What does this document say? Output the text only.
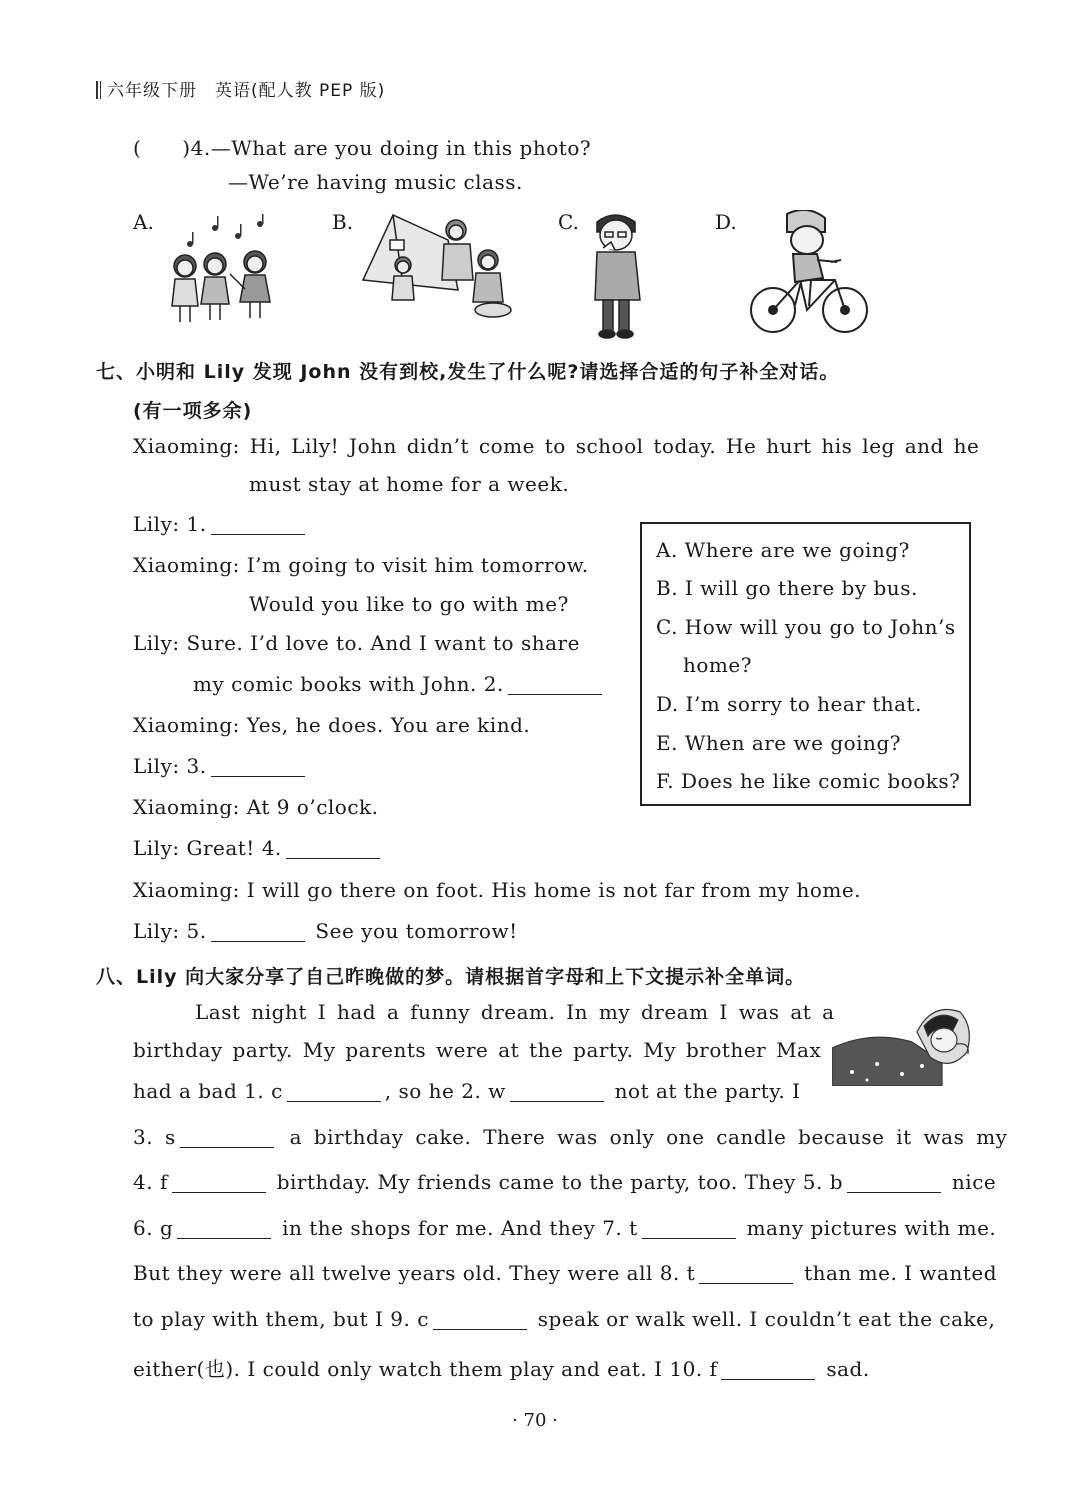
六年级下册　英语(配人教 PEP 版)
(　　)4.—What are you doing in this photo?
—We’re having music class.
A.	B.	C.	D.
七、小明和 Lily 发现 John 没有到校,发生了什么呢?请选择合适的句子补全对话。
(有一项多余)
Xiaoming: Hi, Lily! John didn’t come to school today. He hurt his leg and he
must stay at home for a week.
Lily: 1.
Xiaoming: I’m going to visit him tomorrow.
Would you like to go with me?
Lily: Sure. I’d love to. And I want to share
my comic books with John. 2.
Xiaoming: Yes, he does. You are kind.
Lily: 3.
Xiaoming: At 9 o’clock.
Lily: Great! 4.
Xiaoming: I will go there on foot. His home is not far from my home.
Lily: 5.	See you tomorrow!
A. Where are we going?
B. I will go there by bus.
C. How will you go to John’s
home?
D. I’m sorry to hear that.
E. When are we going?
F. Does he like comic books?
八、Lily 向大家分享了自己昨晚做的梦。请根据首字母和上下文提示补全单词。
Last night I had a funny dream. In my dream I was at a
birthday party. My parents were at the party. My brother Max
had a bad 1. c	, so he 2. w	not at the party. I
3. s	a birthday cake. There was only one candle because it was my
4. f	birthday. My friends came to the party, too. They 5. b	nice
6. g	in the shops for me. And they 7. t	many pictures with me.
But they were all twelve years old. They were all 8. t	than me. I wanted
to play with them, but I 9. c	speak or walk well. I couldn’t eat the cake,
either(也). I could only watch them play and eat. I 10. f	sad.
· 70 ·
